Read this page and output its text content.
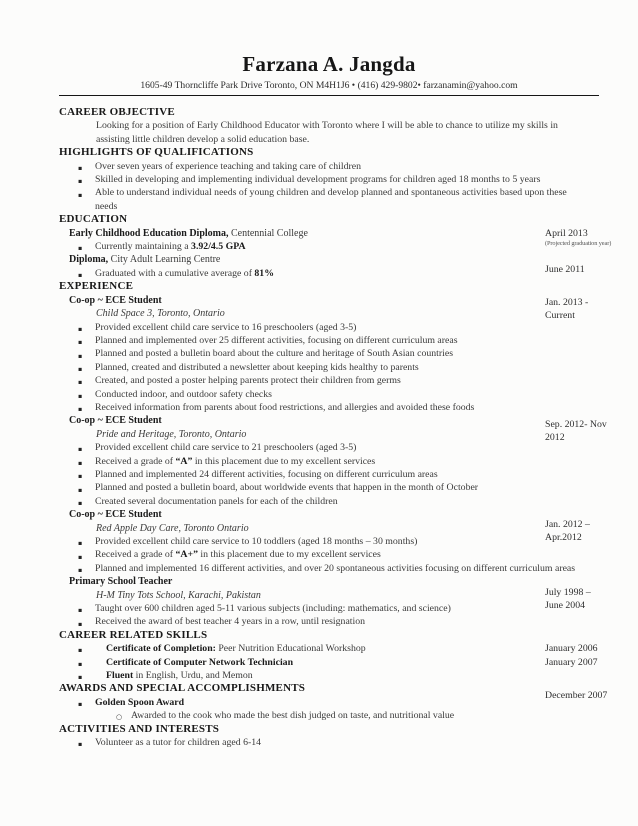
Farzana A. Jangda
1605-49 Thorncliffe Park Drive Toronto, ON M4H1J6 • (416) 429-9802• farzanamin@yahoo.com
CAREER OBJECTIVE
Looking for a position of Early Childhood Educator with Toronto where I will be able to chance to utilize my skills in assisting little children develop a solid education base.
HIGHLIGHTS OF QUALIFICATIONS
▪ Over seven years of experience teaching and taking care of children
▪ Skilled in developing and implementing individual development programs for children aged 18 months to 5 years
▪ Able to understand individual needs of young children and develop planned and spontaneous activities based upon these needs
EDUCATION
April 2013
(Projected graduation year)
Early Childhood Education Diploma, Centennial College
▪ Currently maintaining a 3.92/4.5 GPA
June 2011
Diploma, City Adult Learning Centre
▪ Graduated with a cumulative average of 81%
EXPERIENCE
Jan. 2013 -
Current
Co-op ~ ECE Student
Child Space 3, Toronto, Ontario
▪ Provided excellent child care service to 16 preschoolers (aged 3-5)
▪ Planned and implemented over 25 different activities, focusing on different curriculum areas
▪ Planned and posted a bulletin board about the culture and heritage of South Asian countries
▪ Planned, created and distributed a newsletter about keeping kids healthy to parents
▪ Created, and posted a poster helping parents protect their children from germs
▪ Conducted indoor, and outdoor safety checks
▪ Received information from parents about food restrictions, and allergies and avoided these foods
Sep. 2012- Nov
2012
Co-op ~ ECE Student
Pride and Heritage, Toronto, Ontario
▪ Provided excellent child care service to 21 preschoolers (aged 3-5)
▪ Received a grade of “A” in this placement due to my excellent services
▪ Planned and implemented 24 different activities, focusing on different curriculum areas
▪ Planned and posted a bulletin board, about worldwide events that happen in the month of October
▪ Created several documentation panels for each of the children
Jan. 2012 –
Apr.2012
Co-op ~ ECE Student
Red Apple Day Care, Toronto Ontario
▪ Provided excellent child care service to 10 toddlers (aged 18 months – 30 months)
▪ Received a grade of “A+” in this placement due to my excellent services
▪ Planned and implemented 16 different activities, and over 20 spontaneous activities focusing on different curriculum areas
July 1998 –
June 2004
Primary School Teacher
H-M Tiny Tots School, Karachi, Pakistan
▪ Taught over 600 children aged 5-11 various subjects (including: mathematics, and science)
▪ Received the award of best teacher 4 years in a row, until resignation
CAREER RELATED SKILLS
▪ Certificate of Completion: Peer Nutrition Educational Workshop	January 2006
▪ Certificate of Computer Network Technician	January 2007
▪ Fluent in English, Urdu, and Memon
December 2007
AWARDS AND SPECIAL ACCOMPLISHMENTS
▪ Golden Spoon Award
○ Awarded to the cook who made the best dish judged on taste, and nutritional value
ACTIVITIES AND INTERESTS
▪ Volunteer as a tutor for children aged 6-14
